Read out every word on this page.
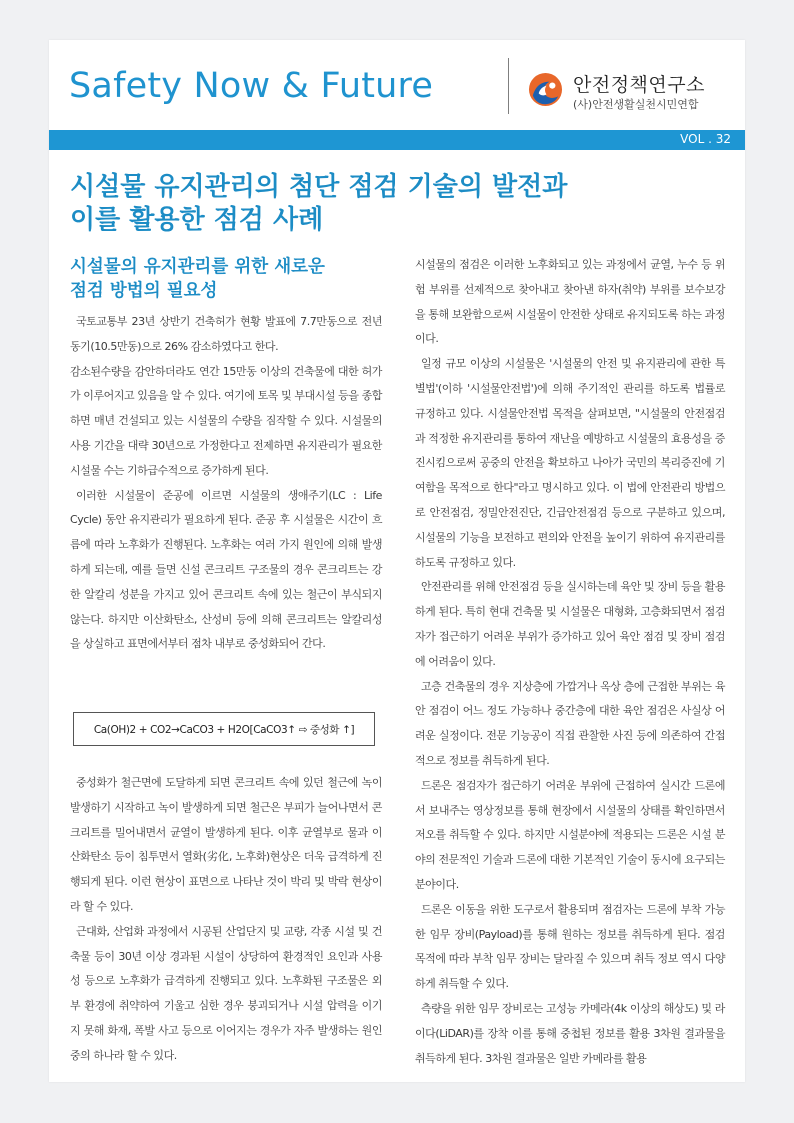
Safety Now & Future	안전정책연구소
(사)안전생활실천시민연합
VOL . 32
시설물 유지관리의 첨단 점검 기술의 발전과
이를 활용한 점검 사례
시설물의 유지관리를 위한 새로운
점검 방법의 필요성

국토교통부 23년 상반기 건축허가 현황 발표에 7.7만동으로 전년 동기(10.5만동)으로 26% 감소하였다고 한다.

감소된수량을 감안하더라도 연간 15만동 이상의 건축물에 대한 허가가 이루어지고 있음을 알 수 있다. 여기에 토목 및 부대시설 등을 종합하면 매년 건설되고 있는 시설물의 수량을 짐작할 수 있다. 시설물의 사용 기간을 대략 30년으로 가정한다고 전제하면 유지관리가 필요한 시설물 수는 기하급수적으로 증가하게 된다.

이러한 시설물이 준공에 이르면 시설물의 생애주기(LC : Life Cycle) 동안 유지관리가 필요하게 된다. 준공 후 시설물은 시간이 흐름에 따라 노후화가 진행된다. 노후화는 여러 가지 원인에 의해 발생하게 되는데, 예를 들면 신설 콘크리트 구조물의 경우 콘크리트는 강한 알칼리 성분을 가지고 있어 콘크리트 속에 있는 철근이 부식되지 않는다. 하지만 이산화탄소, 산성비 등에 의해 콘크리트는 알칼리성을 상실하고 표면에서부터 점차 내부로 중성화되어 간다.

Ca(OH)2 + CO2→CaCO3 + H2O[CaCO3↑ ⇨ 중성화 ↑]

중성화가 철근면에 도달하게 되면 콘크리트 속에 있던 철근에 녹이 발생하기 시작하고 녹이 발생하게 되면 철근은 부피가 늘어나면서 콘크리트를 밀어내면서 균열이 발생하게 된다. 이후 균열부로 물과 이산화탄소 등이 침투면서 열화(劣化, 노후화)현상은 더욱 급격하게 진행되게 된다. 이런 현상이 표면으로 나타난 것이 박리 및 박락 현상이라 할 수 있다.

근대화, 산업화 과정에서 시공된 산업단지 및 교량, 각종 시설 및 건축물 등이 30년 이상 경과된 시설이 상당하여 환경적인 요인과 사용성 등으로 노후화가 급격하게 진행되고 있다. 노후화된 구조물은 외부 환경에 취약하여 기울고 심한 경우 붕괴되거나 시설 압력을 이기지 못해 화재, 폭발 사고 등으로 이어지는 경우가 자주 발생하는 원인 중의 하나라 할 수 있다.

시설물의 점검은 이러한 노후화되고 있는 과정에서 균열, 누수 등 위험 부위를 선제적으로 찾아내고 찾아낸 하자(취약) 부위를 보수보강을 통해 보완함으로써 시설물이 안전한 상태로 유지되도록 하는 과정이다.

일정 규모 이상의 시설물은 '시설물의 안전 및 유지관리에 관한 특별법'(이하 '시설물안전법')에 의해 주기적인 관리를 하도록 법률로 규정하고 있다. 시설물안전법 목적을 살펴보면, "시설물의 안전점검과 적정한 유지관리를 통하여 재난을 예방하고 시설물의 효용성을 증진시킴으로써 공중의 안전을 확보하고 나아가 국민의 복리증진에 기여함을 목적으로 한다"라고 명시하고 있다. 이 법에 안전관리 방법으로 안전점검, 정밀안전진단, 긴급안전점검 등으로 구분하고 있으며, 시설물의 기능을 보전하고 편의와 안전을 높이기 위하여 유지관리를 하도록 규정하고 있다.

안전관리를 위해 안전점검 등을 실시하는데 육안 및 장비 등을 활용하게 된다. 특히 현대 건축물 및 시설물은 대형화, 고층화되면서 점검자가 접근하기 어려운 부위가 증가하고 있어 육안 점검 및 장비 점검에 어려움이 있다.

고층 건축물의 경우 지상층에 가깝거나 옥상 층에 근접한 부위는 육안 점검이 어느 정도 가능하나 중간층에 대한 육안 점검은 사실상 어려운 실정이다. 전문 기능공이 직접 관찰한 사진 등에 의존하여 간접적으로 정보를 취득하게 된다.

드론은 점검자가 접근하기 어려운 부위에 근접하여 실시간 드론에서 보내주는 영상정보를 통해 현장에서 시설물의 상태를 확인하면서 저오를 취득할 수 있다. 하지만 시설분야에 적용되는 드론은 시설 분야의 전문적인 기술과 드론에 대한 기본적인 기술이 동시에 요구되는 분야이다.

드론은 이동을 위한 도구로서 활용되며 점검자는 드론에 부착 가능한 임무 장비(Payload)를 통해 원하는 정보를 취득하게 된다. 점검 목적에 따라 부착 임무 장비는 달라질 수 있으며 취득 정보 역시 다양하게 취득할 수 있다.

측량을 위한 임무 장비로는 고성능 카메라(4k 이상의 해상도) 및 라이다(LiDAR)를 장착 이를 통해 중첩된 정보를 활용 3차원 결과물을 취득하게 된다. 3차원 결과물은 일반 카메라를 활용
